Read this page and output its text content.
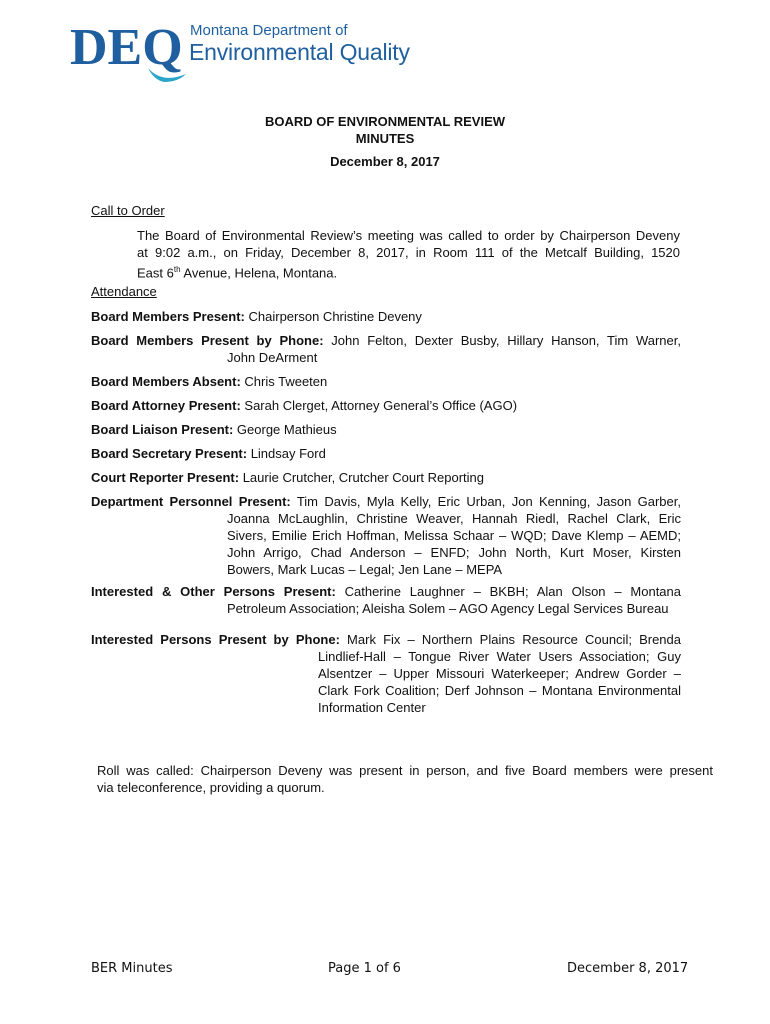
DEQ Montana Department of
Environmental Quality
BOARD OF ENVIRONMENTAL REVIEW
MINUTES
December 8, 2017
Call to Order
The Board of Environmental Review’s meeting was called to order by Chairperson Deveny
at 9:02 a.m., on Friday, December 8, 2017, in Room 111 of the Metcalf Building, 1520
East 6th Avenue, Helena, Montana.
Attendance
Board Members Present: Chairperson Christine Deveny
Board Members Present by Phone: John Felton, Dexter Busby, Hillary Hanson, Tim Warner,
John DeArment
Board Members Absent: Chris Tweeten
Board Attorney Present: Sarah Clerget, Attorney General’s Office (AGO)
Board Liaison Present: George Mathieus
Board Secretary Present: Lindsay Ford
Court Reporter Present: Laurie Crutcher, Crutcher Court Reporting
Department Personnel Present: Tim Davis, Myla Kelly, Eric Urban, Jon Kenning, Jason Garber,
Joanna McLaughlin, Christine Weaver, Hannah Riedl, Rachel Clark, Eric
Sivers, Emilie Erich Hoffman, Melissa Schaar – WQD; Dave Klemp – AEMD;
John Arrigo, Chad Anderson – ENFD; John North, Kurt Moser, Kirsten
Bowers, Mark Lucas – Legal; Jen Lane – MEPA
Interested & Other Persons Present: Catherine Laughner – BKBH; Alan Olson – Montana
Petroleum Association; Aleisha Solem – AGO Agency Legal Services Bureau
Interested Persons Present by Phone: Mark Fix – Northern Plains Resource Council; Brenda
Lindlief-Hall – Tongue River Water Users Association; Guy
Alsentzer – Upper Missouri Waterkeeper; Andrew Gorder –
Clark Fork Coalition; Derf Johnson – Montana Environmental
Information Center
Roll was called: Chairperson Deveny was present in person, and five Board members were present
via teleconference, providing a quorum.
BER Minutes	Page 1 of 6	December 8, 2017
